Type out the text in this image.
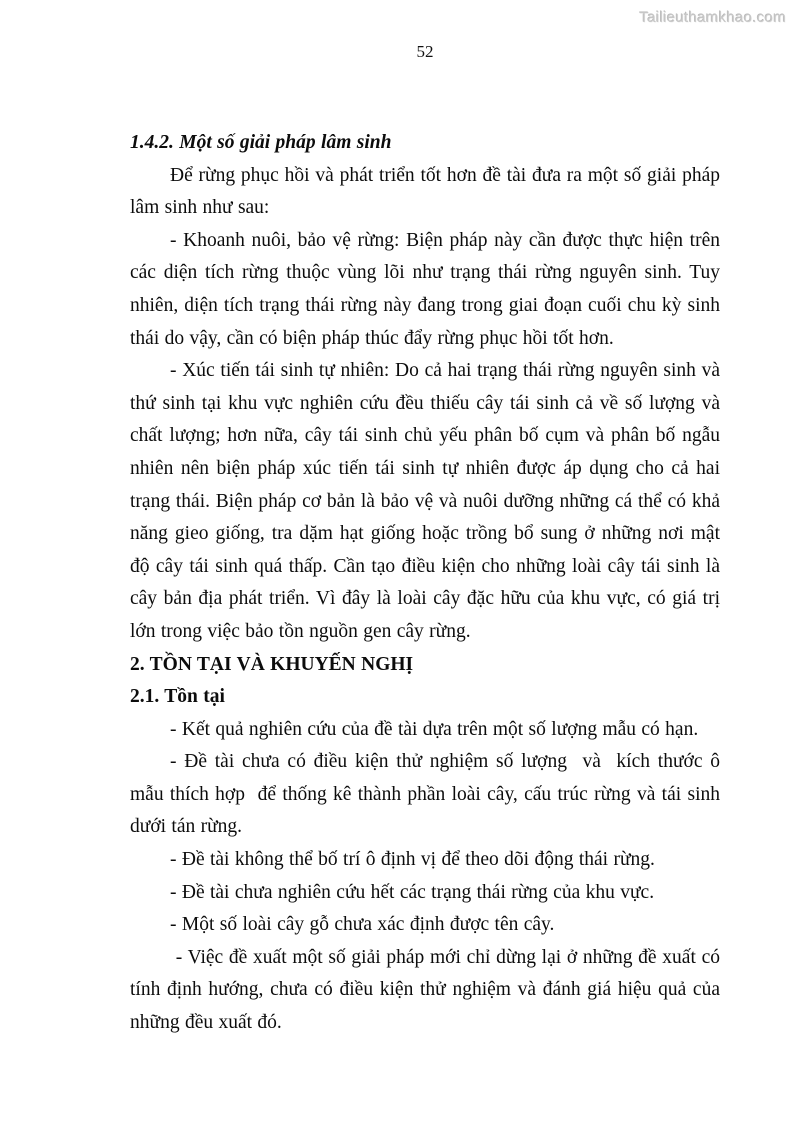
Tailieuthamkhao.com
52

1.4.2. Một số giải pháp lâm sinh

Để rừng phục hồi và phát triển tốt hơn đề tài đưa ra một số giải pháp lâm sinh như sau:

- Khoanh nuôi, bảo vệ rừng: Biện pháp này cần được thực hiện trên các diện tích rừng thuộc vùng lõi như trạng thái rừng nguyên sinh. Tuy nhiên, diện tích trạng thái rừng này đang trong giai đoạn cuối chu kỳ sinh thái do vậy, cần có biện pháp thúc đẩy rừng phục hồi tốt hơn.

- Xúc tiến tái sinh tự nhiên: Do cả hai trạng thái rừng nguyên sinh và thứ sinh tại khu vực nghiên cứu đều thiếu cây tái sinh cả về số lượng và chất lượng; hơn nữa, cây tái sinh chủ yếu phân bố cụm và phân bố ngẫu nhiên nên biện pháp xúc tiến tái sinh tự nhiên được áp dụng cho cả hai trạng thái. Biện pháp cơ bản là bảo vệ và nuôi dưỡng những cá thể có khả năng gieo giống, tra dặm hạt giống hoặc trồng bổ sung ở những nơi mật độ cây tái sinh quá thấp. Cần tạo điều kiện cho những loài cây tái sinh là cây bản địa phát triển. Vì đây là loài cây đặc hữu của khu vực, có giá trị lớn trong việc bảo tồn nguồn gen cây rừng.

2. TỒN TẠI VÀ KHUYẾN NGHỊ

2.1. Tồn tại

- Kết quả nghiên cứu của đề tài dựa trên một số lượng mẫu có hạn.

- Đề tài chưa có điều kiện thử nghiệm số lượng  và  kích thước ô mẫu thích hợp  để thống kê thành phần loài cây, cấu trúc rừng và tái sinh dưới tán rừng.

- Đề tài không thể bố trí ô định vị để theo dõi động thái rừng.

- Đề tài chưa nghiên cứu hết các trạng thái rừng của khu vực.

- Một số loài cây gỗ chưa xác định được tên cây.

- Việc đề xuất một số giải pháp mới chỉ dừng lại ở những đề xuất có tính định hướng, chưa có điều kiện thử nghiệm và đánh giá hiệu quả của những đều xuất đó.
